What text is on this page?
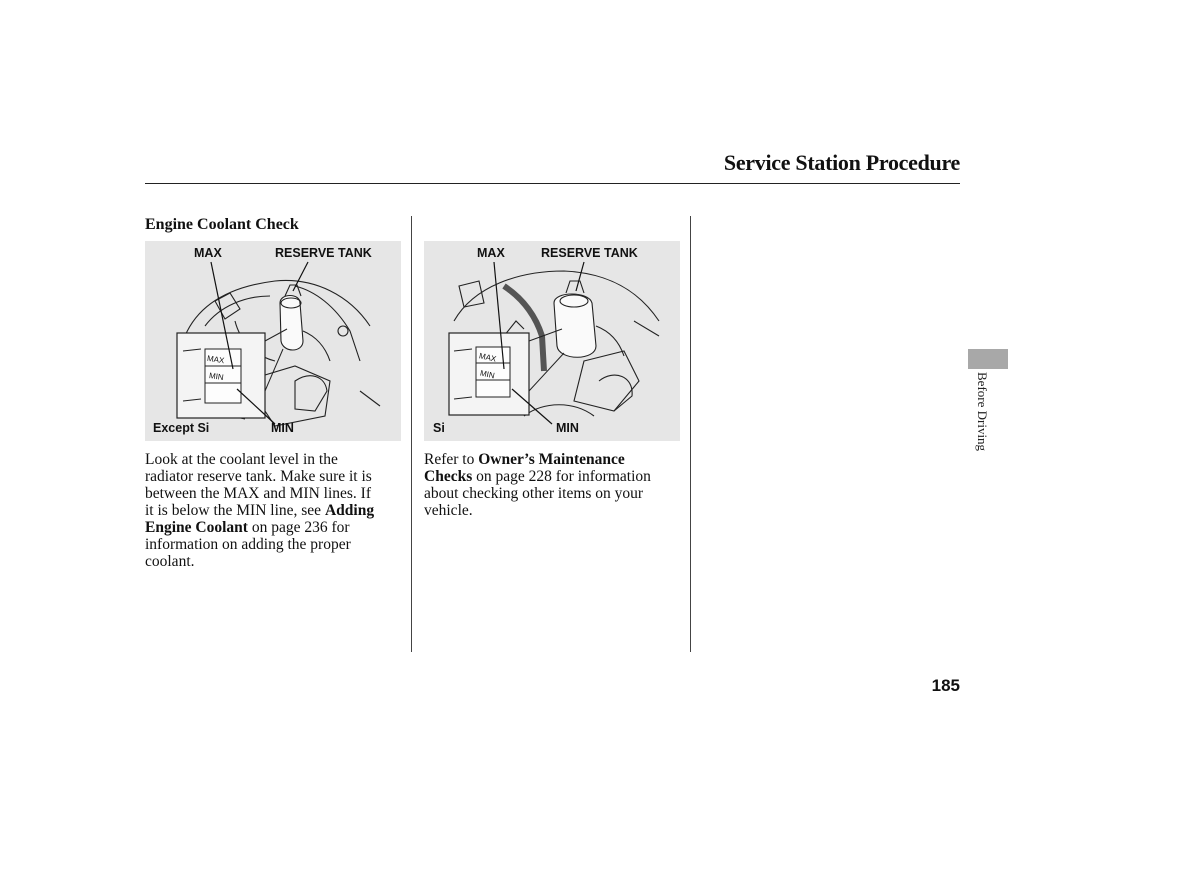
Service Station Procedure
Engine Coolant Check
MAX	RESERVE TANK
MAX
MIN
Except Si	MIN
MAX	RESERVE TANK
MAX
MIN
Si	MIN

Look at the coolant level in the

radiator reserve tank. Make sure it is

between the MAX and MIN lines. If

it is below the MIN line, see Adding

Engine Coolant on page 236 for

information on adding the proper

coolant.

Refer to Owner’s Maintenance

Checks on page 228 for information

about checking other items on your

vehicle.

Before Driving
185
